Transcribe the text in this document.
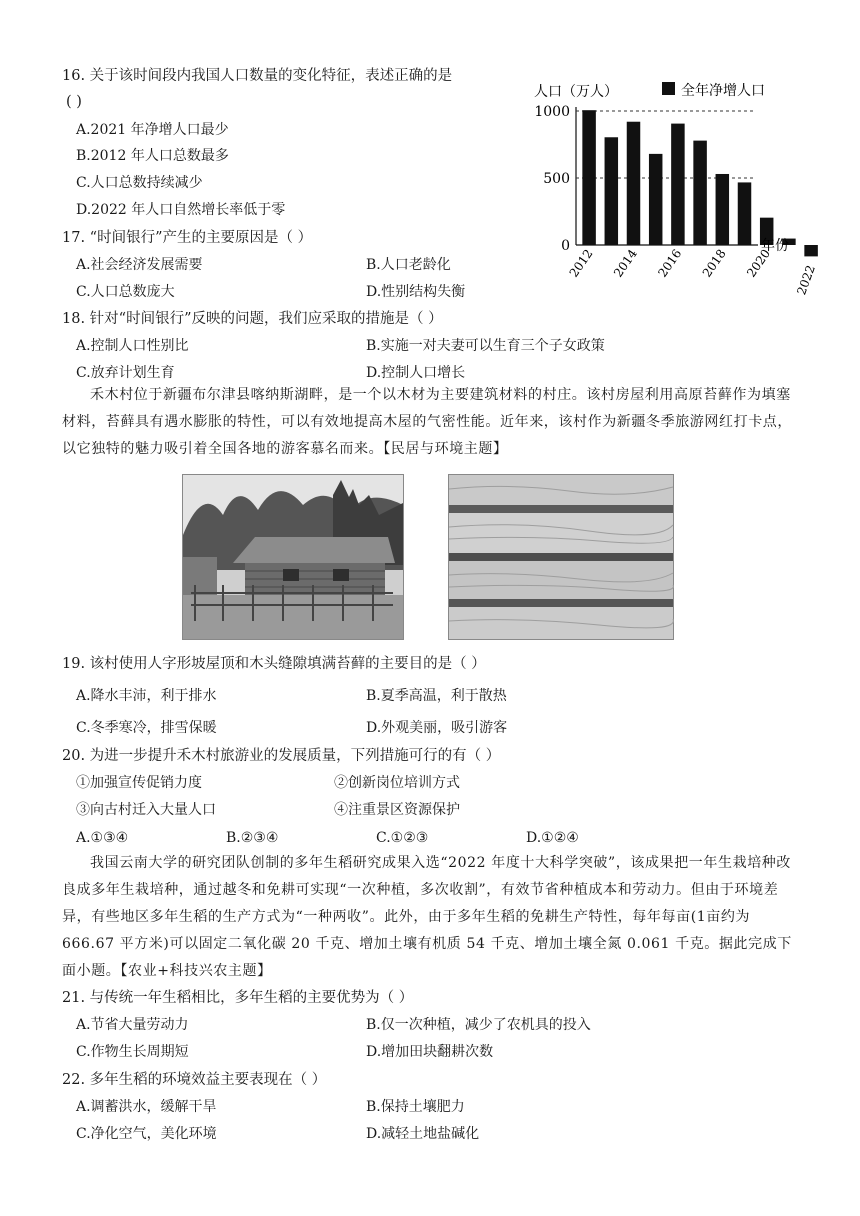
16. 关于该时间段内我国人口数量的变化特征，表述正确的是
( )
A.2021 年净增人口最少
B.2012 年人口总数最多
C.人口总数持续减少
D.2022 年人口自然增长率低于零
人口（万人）	全年净增人口
1000
500
0
2012 2014 2016 2018 2020
2022
年份
17. “时间银行”产生的主要原因是（ ）
A.社会经济发展需要	B.人口老龄化
C.人口总数庞大	D.性别结构失衡
18. 针对“时间银行”反映的问题，我们应采取的措施是（ ）
A.控制人口性别比	B.实施一对夫妻可以生育三个子女政策
C.放弃计划生育	D.控制人口增长
禾木村位于新疆布尔津县喀纳斯湖畔，是一个以木材为主要建筑材料的村庄。该村房屋利用高原苔藓作为填塞材料，苔藓具有遇水膨胀的特性，可以有效地提高木屋的气密性能。近年来，该村作为新疆冬季旅游网红打卡点，以它独特的魅力吸引着全国各地的游客慕名而来。【民居与环境主题】
19. 该村使用人字形坡屋顶和木头缝隙填满苔藓的主要目的是（ ）
A.降水丰沛，利于排水	B.夏季高温，利于散热
C.冬季寒冷，排雪保暖	D.外观美丽，吸引游客
20. 为进一步提升禾木村旅游业的发展质量，下列措施可行的有（ ）
①加强宣传促销力度	②创新岗位培训方式
③向古村迁入大量人口	④注重景区资源保护
A.①③④	B.②③④	C.①②③	D.①②④
我国云南大学的研究团队创制的多年生稻研究成果入选“2022 年度十大科学突破”，该成果把一年生栽培种改良成多年生栽培种，通过越冬和免耕可实现“一次种植，多次收割”，有效节省种植成本和劳动力。但由于环境差异，有些地区多年生稻的生产方式为“一种两收”。此外，由于多年生稻的免耕生产特性，每年每亩(1亩约为 666.67 平方米)可以固定二氧化碳 20 千克、增加土壤有机质 54 千克、增加土壤全氮 0.061 千克。据此完成下面小题。【农业+科技兴农主题】
21. 与传统一年生稻相比，多年生稻的主要优势为（ ）
A.节省大量劳动力	B.仅一次种植，减少了农机具的投入
C.作物生长周期短	D.增加田块翻耕次数
22. 多年生稻的环境效益主要表现在（ ）
A.调蓄洪水，缓解干旱	B.保持土壤肥力
C.净化空气，美化环境	D.减轻土地盐碱化
